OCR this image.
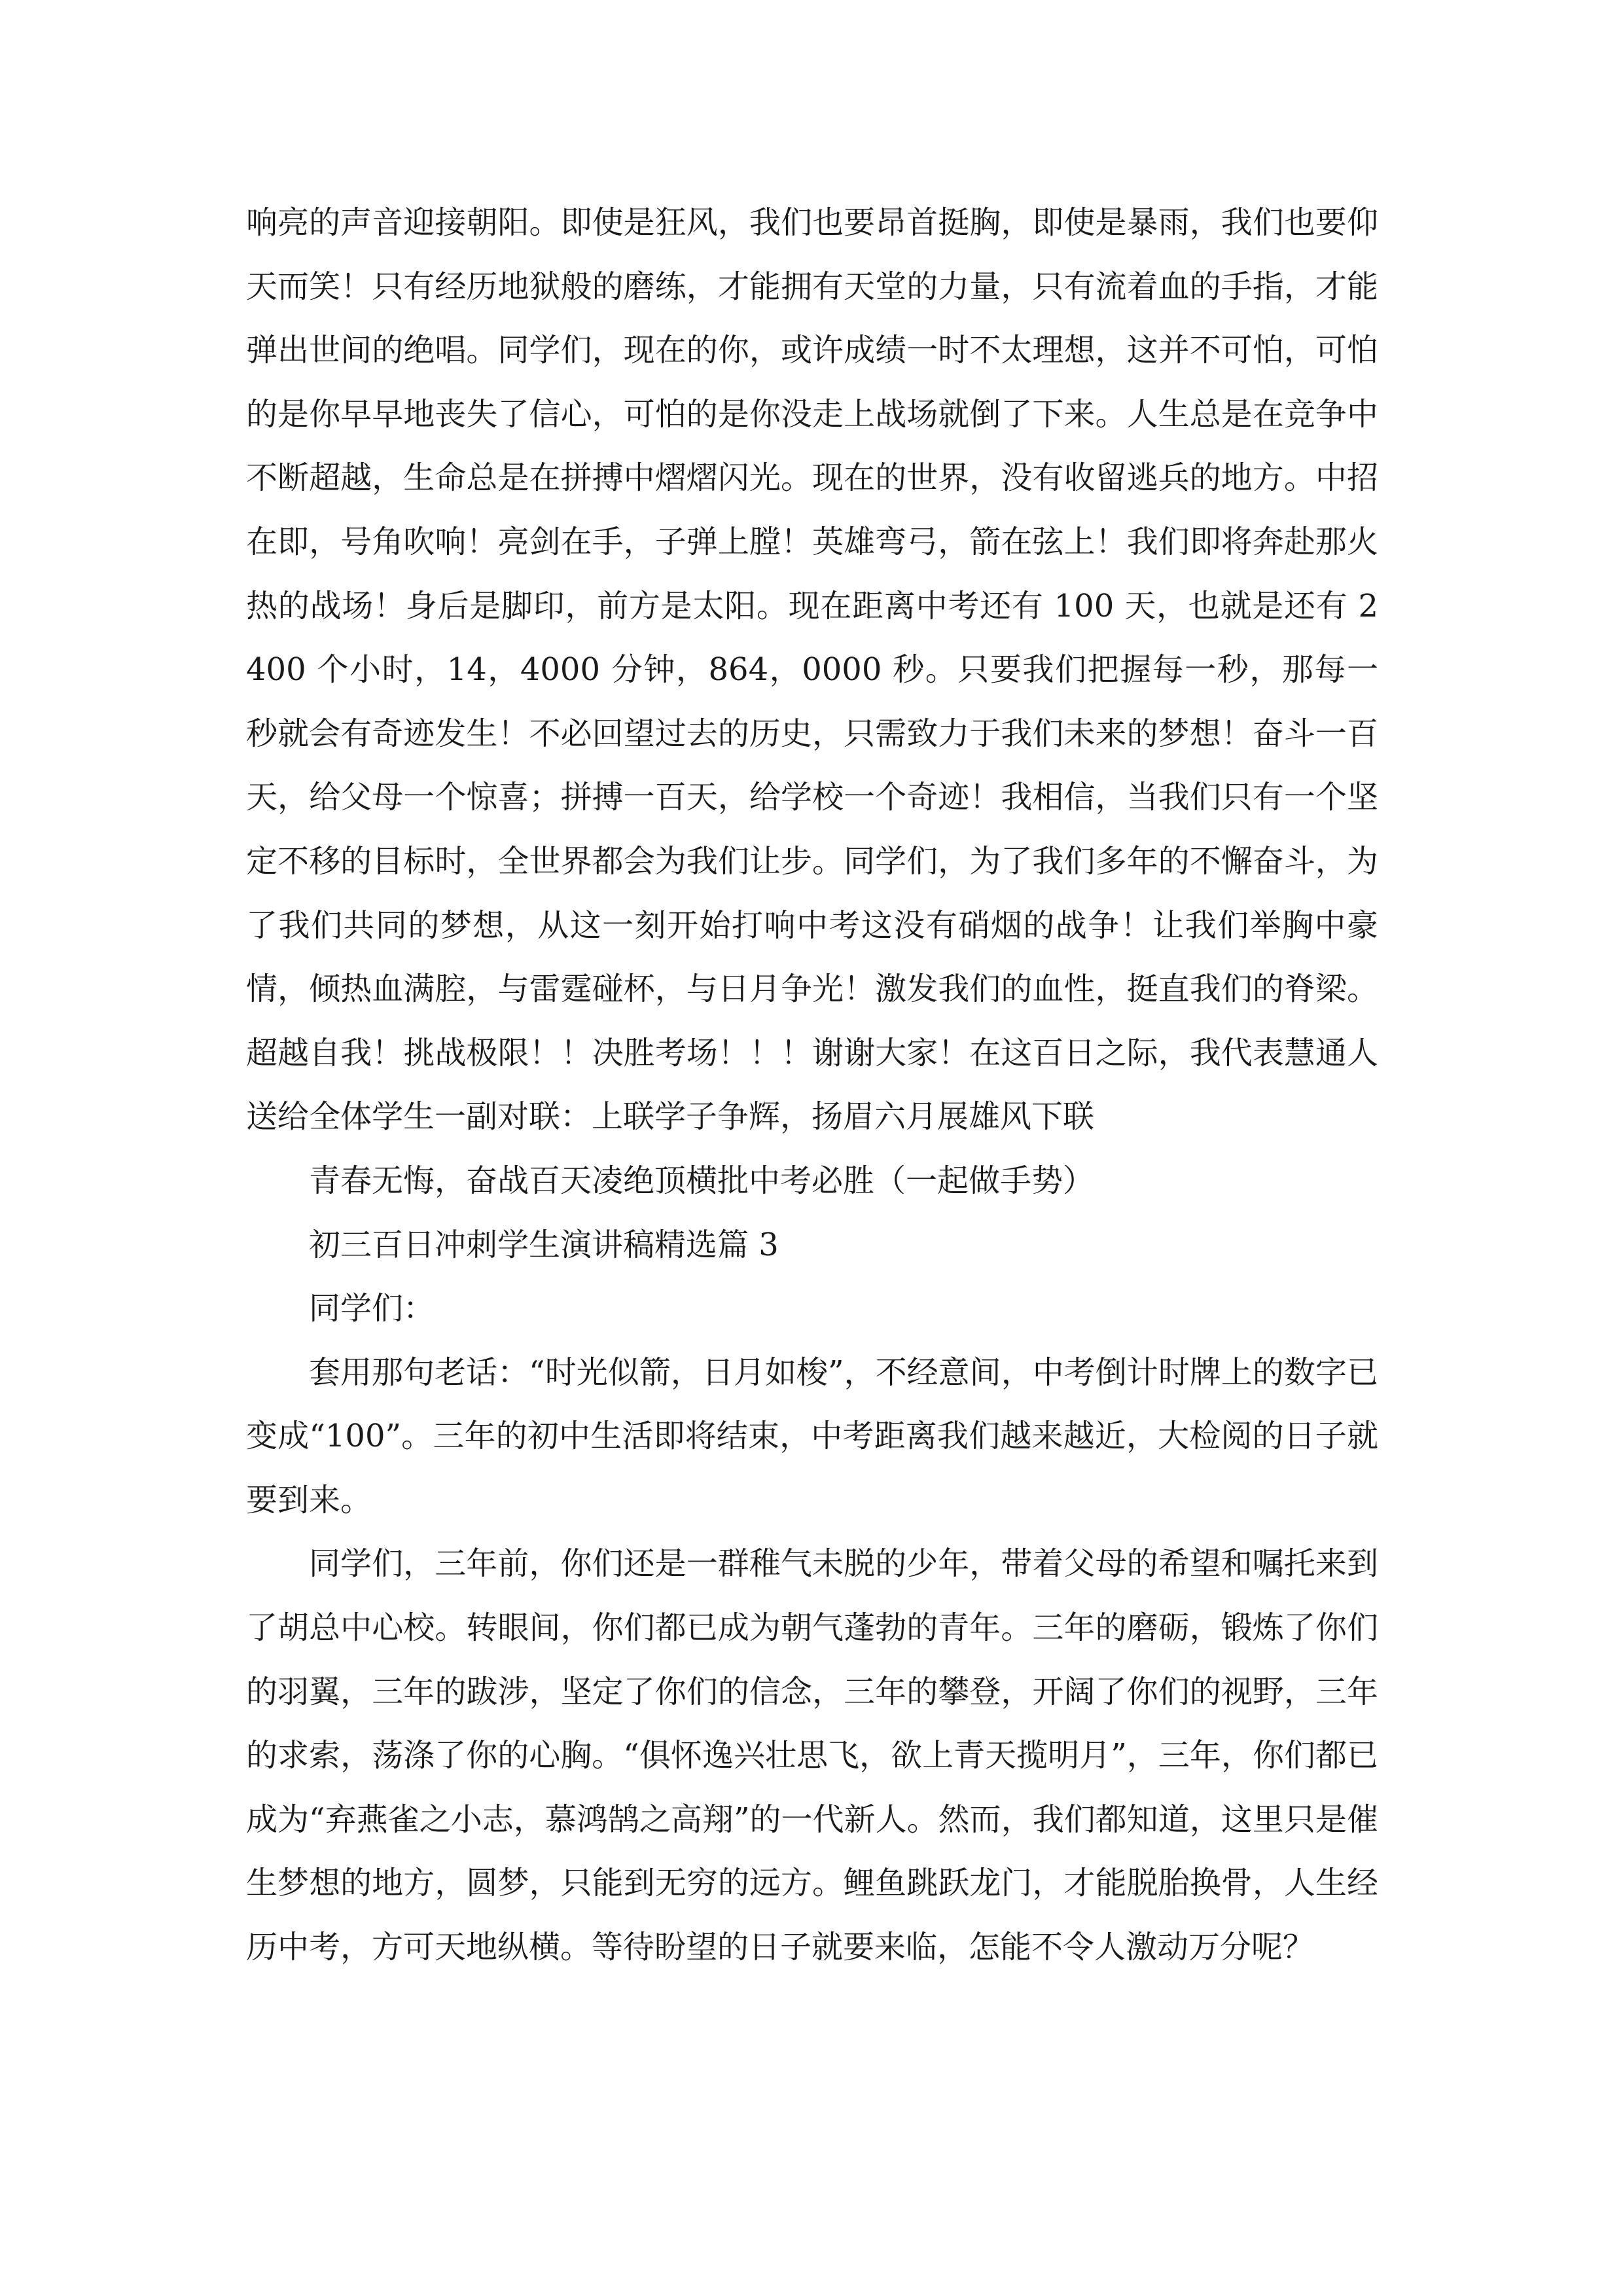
响亮的声音迎接朝阳。即使是狂风，我们也要昂首挺胸，即使是暴雨，我们也要仰天而笑！只有经历地狱般的磨练，才能拥有天堂的力量，只有流着血的手指，才能弹出世间的绝唱。同学们，现在的你，或许成绩一时不太理想，这并不可怕，可怕的是你早早地丧失了信心，可怕的是你没走上战场就倒了下来。人生总是在竞争中不断超越，生命总是在拼搏中熠熠闪光。现在的世界，没有收留逃兵的地方。中招在即，号角吹响！亮剑在手，子弹上膛！英雄弯弓，箭在弦上！我们即将奔赴那火热的战场！身后是脚印，前方是太阳。现在距离中考还有 100 天，也就是还有 2400 个小时，14，4000 分钟，864，0000 秒。只要我们把握每一秒，那每一秒就会有奇迹发生！不必回望过去的历史，只需致力于我们未来的梦想！奋斗一百天，给父母一个惊喜；拼搏一百天，给学校一个奇迹！我相信，当我们只有一个坚定不移的目标时，全世界都会为我们让步。同学们，为了我们多年的不懈奋斗，为了我们共同的梦想，从这一刻开始打响中考这没有硝烟的战争！让我们举胸中豪情，倾热血满腔，与雷霆碰杯，与日月争光！激发我们的血性，挺直我们的脊梁。超越自我！挑战极限！！决胜考场！！！谢谢大家！在这百日之际，我代表慧通人送给全体学生一副对联：上联学子争辉，扬眉六月展雄风下联

青春无悔，奋战百天凌绝顶横批中考必胜（一起做手势）

初三百日冲刺学生演讲稿精选篇 3

同学们：

套用那句老话：“时光似箭，日月如梭”，不经意间，中考倒计时牌上的数字已变成“100”。三年的初中生活即将结束，中考距离我们越来越近，大检阅的日子就要到来。

同学们，三年前，你们还是一群稚气未脱的少年，带着父母的希望和嘱托来到了胡总中心校。转眼间，你们都已成为朝气蓬勃的青年。三年的磨砺，锻炼了你们的羽翼，三年的跋涉，坚定了你们的信念，三年的攀登，开阔了你们的视野，三年的求索，荡涤了你的心胸。“俱怀逸兴壮思飞，欲上青天揽明月”，三年，你们都已成为“弃燕雀之小志，慕鸿鹄之高翔”的一代新人。然而，我们都知道，这里只是催生梦想的地方，圆梦，只能到无穷的远方。鲤鱼跳跃龙门，才能脱胎换骨，人生经历中考，方可天地纵横。等待盼望的日子就要来临，怎能不令人激动万分呢？
